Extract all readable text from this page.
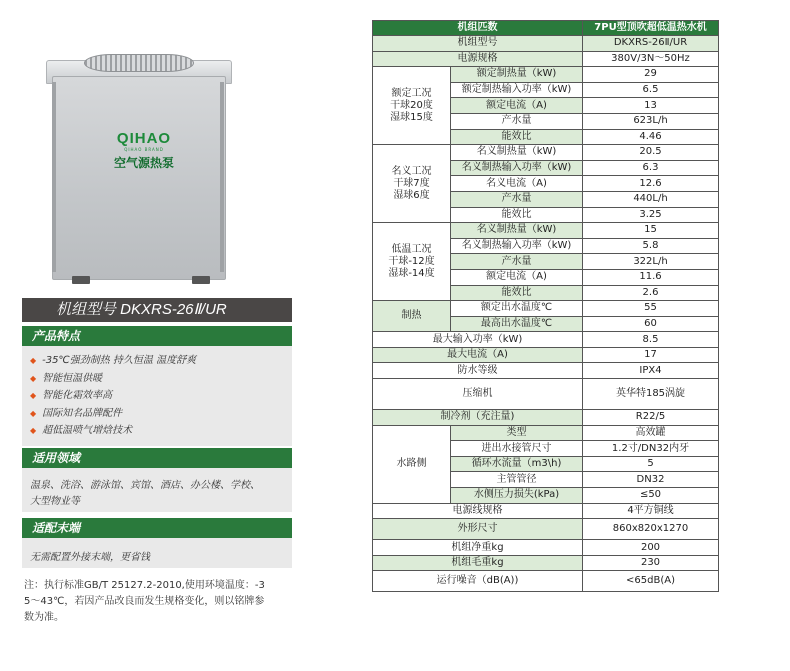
QIHAO
QIHAO BRAND
空气源热泵
机组型号 DKXRS-26Ⅱ/UR
产品特点
◆ -35℃强劲制热 持久恒温 温度舒爽
◆ 智能恒温供暖
◆ 智能化霜效率高
◆ 国际知名品牌配件
◆ 超低温喷气增焓技术
适用领域
温泉、洗浴、游泳馆、宾馆、酒店、办公楼、学校、
大型物业等
适配末端
无需配置外接末端，更省钱
注：执行标准GB/T 25127.2-2010,使用环境温度：-3
5～43℃，若因产品改良而发生规格变化，则以铭牌参
数为准。
机组匹数		7PU型顶吹超低温热水机
机组型号		DKXRS-26Ⅱ/UR
电源规格		380V/3N～50Hz

额定工况
干球20度
湿球15度	额定制热量（kW)	29
	额定制热输入功率（kW)	6.5
	额定电流（A)	13
	产水量	623L/h
	能效比	4.46

名义工况
干球7度
湿球6度	名义制热量（kW)	20.5
	名义制热输入功率（kW)	6.3
	名义电流（A)	12.6
	产水量	440L/h
	能效比	3.25

低温工况
干球-12度
湿球-14度	名义制热量（kW)	15
	名义制热输入功率（kW)	5.8
	产水量	322L/h
	额定电流（A)	11.6
	能效比	2.6
制热	额定出水温度℃	55
	最高出水温度℃	60
最大输入功率（kW)		8.5
最大电流（A)		17
防水等级		IPX4
压缩机		英华特185涡旋
制冷剂（充注量)		R22/5
水路侧	类型	高效罐
	进出水接管尺寸	1.2寸/DN32内牙
	循环水流量（m3\h)	5
	主管管径	DN32
	水侧压力损失(kPa)	≤50
电源线规格		4平方铜线
外形尺寸		860x820x1270
机组净重kg		200
机组毛重kg		230
运行噪音（dB(A))		<65dB(A)
